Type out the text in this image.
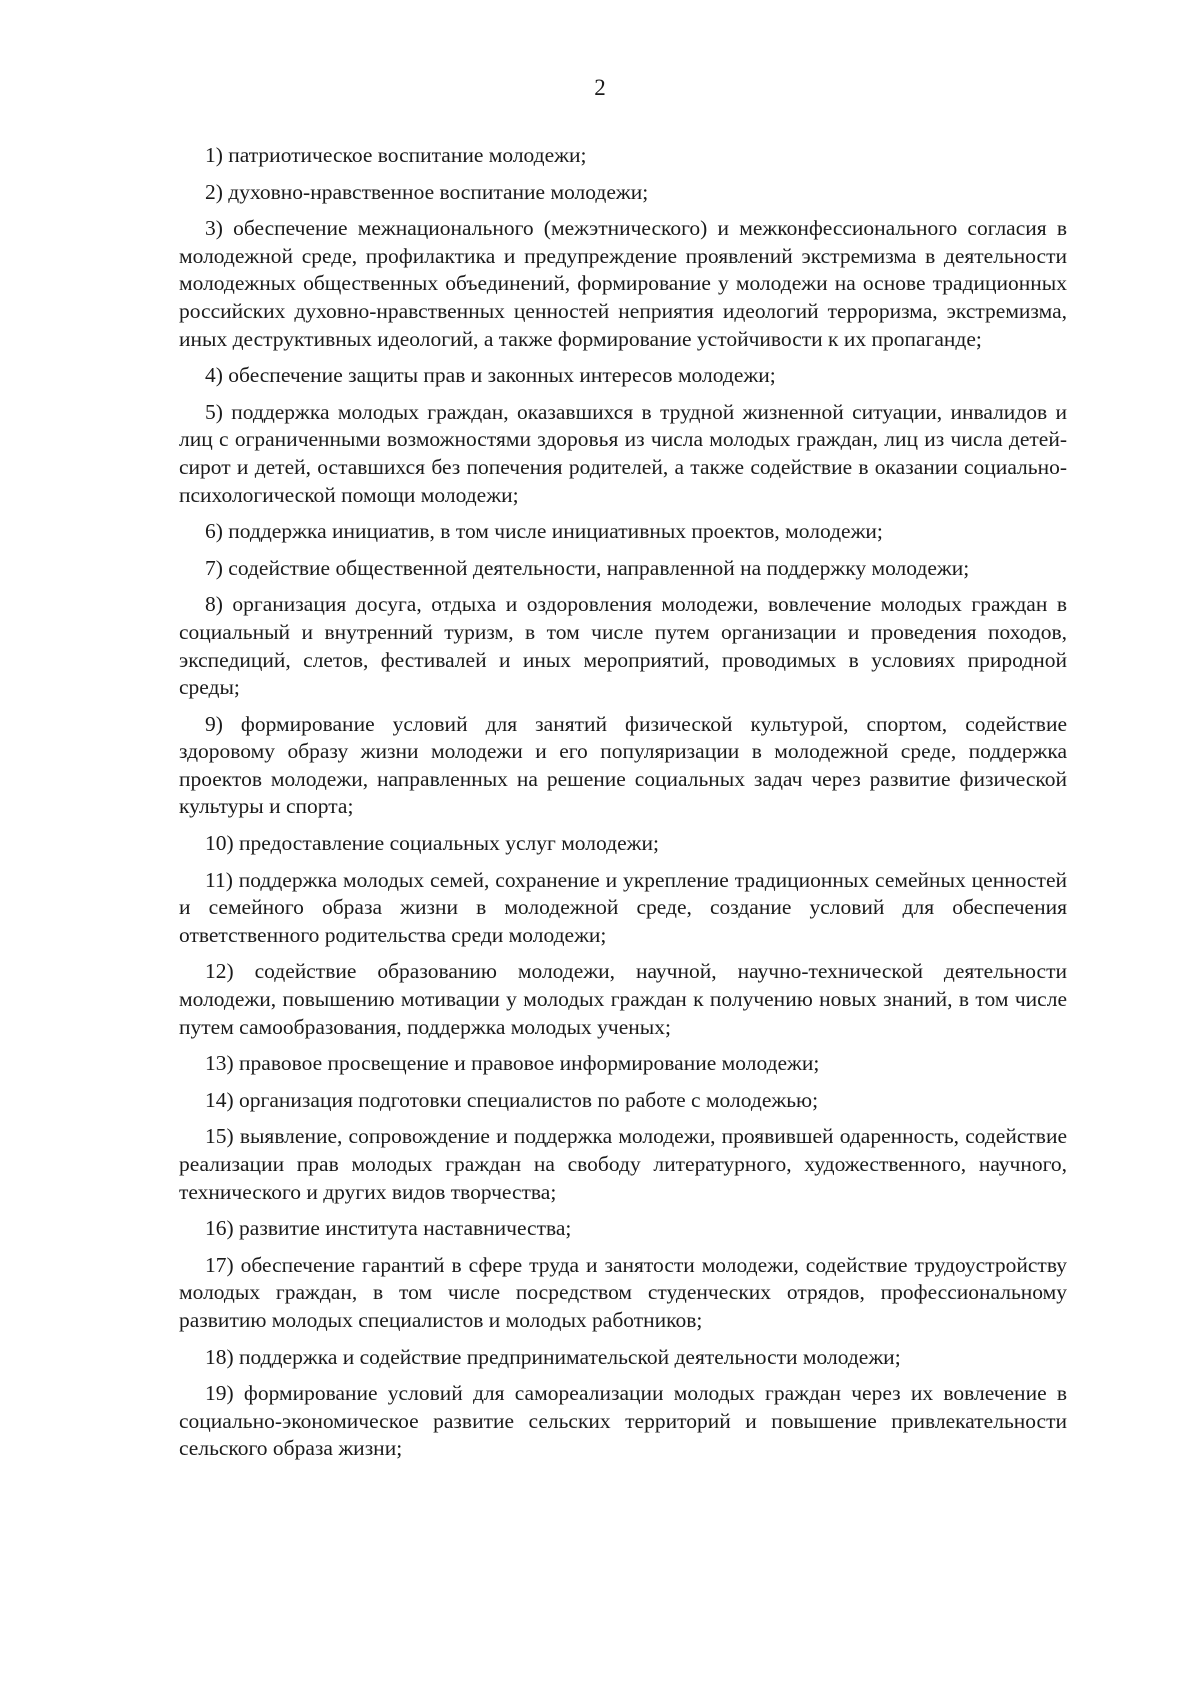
2

1) патриотическое воспитание молодежи;

2) духовно-нравственное воспитание молодежи;

3) обеспечение межнационального (межэтнического) и межконфессионального согласия в молодежной среде, профилактика и предупреждение проявлений экстремизма в деятельности молодежных общественных объединений, формирование у молодежи на основе традиционных российских духовно-нравственных ценностей неприятия идеологий терроризма, экстремизма, иных деструктивных идеологий, а также формирование устойчивости к их пропаганде;

4) обеспечение защиты прав и законных интересов молодежи;

5) поддержка молодых граждан, оказавшихся в трудной жизненной ситуации, инвалидов и лиц с ограниченными возможностями здоровья из числа молодых граждан, лиц из числа детей-сирот и детей, оставшихся без попечения родителей, а также содействие в оказании социально-психологической помощи молодежи;

6) поддержка инициатив, в том числе инициативных проектов, молодежи;

7) содействие общественной деятельности, направленной на поддержку молодежи;

8) организация досуга, отдыха и оздоровления молодежи, вовлечение молодых граждан в социальный и внутренний туризм, в том числе путем организации и проведения походов, экспедиций, слетов, фестивалей и иных мероприятий, проводимых в условиях природной среды;

9) формирование условий для занятий физической культурой, спортом, содействие здоровому образу жизни молодежи и его популяризации в молодежной среде, поддержка проектов молодежи, направленных на решение социальных задач через развитие физической культуры и спорта;

10) предоставление социальных услуг молодежи;

11) поддержка молодых семей, сохранение и укрепление традиционных семейных ценностей и семейного образа жизни в молодежной среде, создание условий для обеспечения ответственного родительства среди молодежи;

12) содействие образованию молодежи, научной, научно-технической деятельности молодежи, повышению мотивации у молодых граждан к получению новых знаний, в том числе путем самообразования, поддержка молодых ученых;

13) правовое просвещение и правовое информирование молодежи;

14) организация подготовки специалистов по работе с молодежью;

15) выявление, сопровождение и поддержка молодежи, проявившей одаренность, содействие реализации прав молодых граждан на свободу литературного, художественного, научного, технического и других видов творчества;

16) развитие института наставничества;

17) обеспечение гарантий в сфере труда и занятости молодежи, содействие трудоустройству молодых граждан, в том числе посредством студенческих отрядов, профессиональному развитию молодых специалистов и молодых работников;

18) поддержка и содействие предпринимательской деятельности молодежи;

19) формирование условий для самореализации молодых граждан через их вовлечение в социально-экономическое развитие сельских территорий и повышение привлекательности сельского образа жизни;
